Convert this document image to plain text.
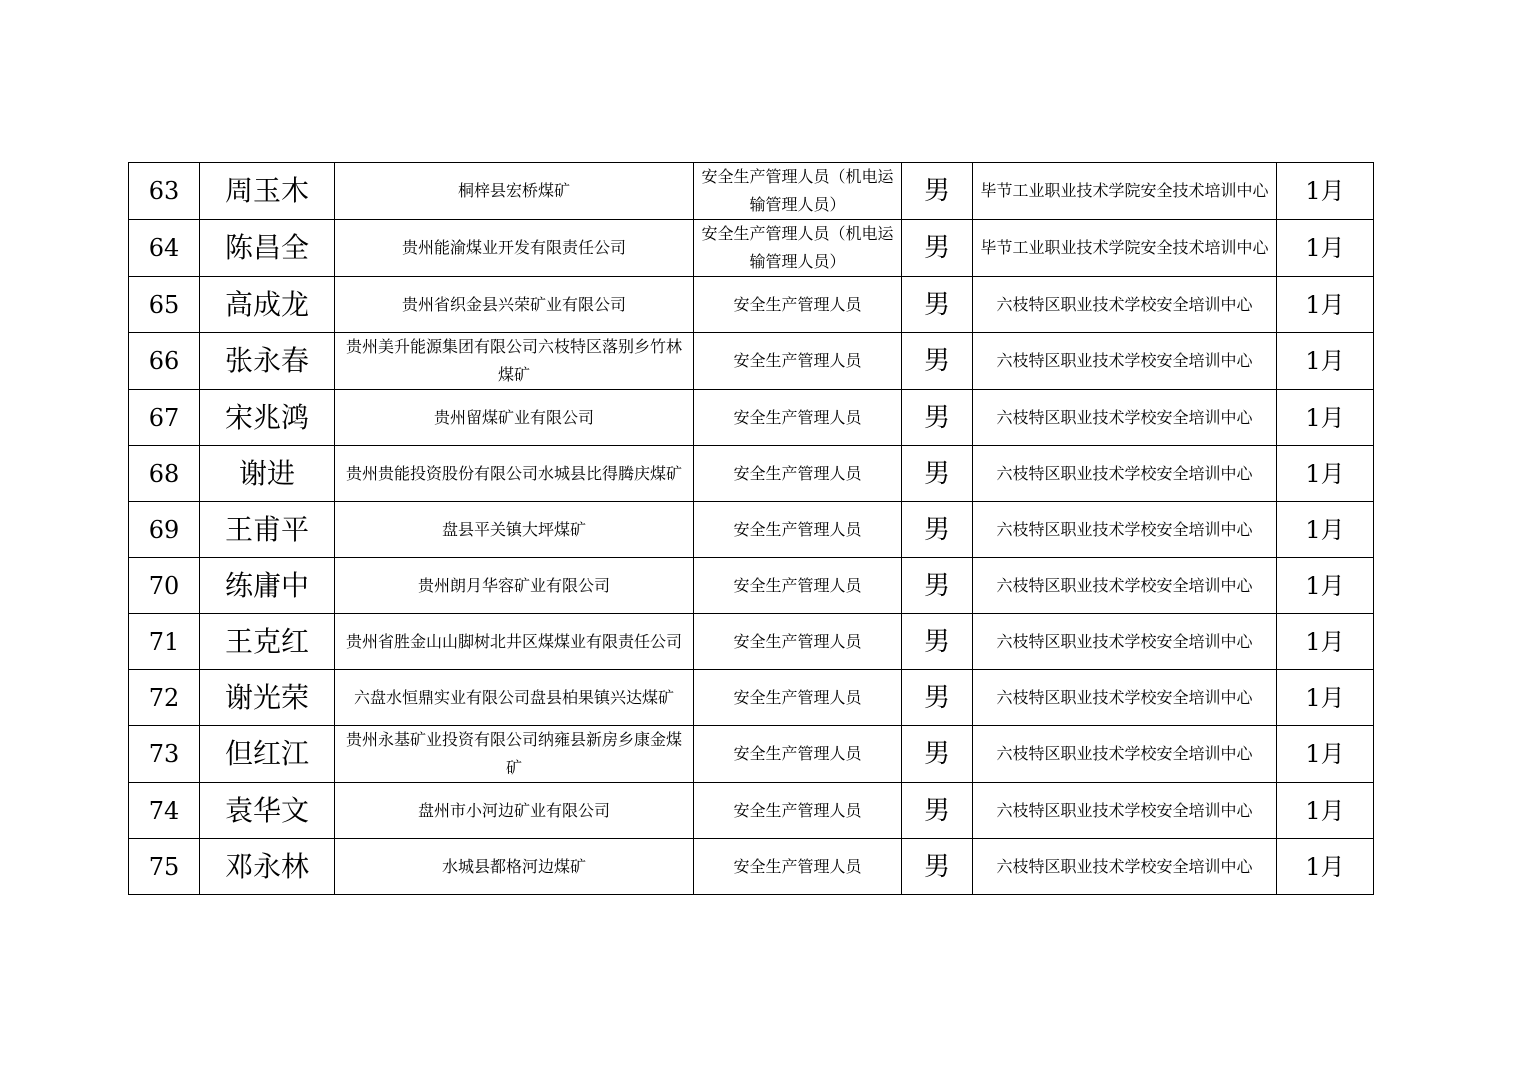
63	周玉木	桐梓县宏桥煤矿	安全生产管理人员（机电运输管理人员）	男	毕节工业职业技术学院安全技术培训中心	1月
64	陈昌全	贵州能渝煤业开发有限责任公司	安全生产管理人员（机电运输管理人员）	男	毕节工业职业技术学院安全技术培训中心	1月
65	高成龙	贵州省织金县兴荣矿业有限公司	安全生产管理人员	男	六枝特区职业技术学校安全培训中心	1月
66	张永春	贵州美升能源集团有限公司六枝特区落别乡竹林煤矿	安全生产管理人员	男	六枝特区职业技术学校安全培训中心	1月
67	宋兆鸿	贵州留煤矿业有限公司	安全生产管理人员	男	六枝特区职业技术学校安全培训中心	1月
68	谢进	贵州贵能投资股份有限公司水城县比得腾庆煤矿	安全生产管理人员	男	六枝特区职业技术学校安全培训中心	1月
69	王甫平	盘县平关镇大坪煤矿	安全生产管理人员	男	六枝特区职业技术学校安全培训中心	1月
70	练庸中	贵州朗月华容矿业有限公司	安全生产管理人员	男	六枝特区职业技术学校安全培训中心	1月
71	王克红	贵州省胜金山山脚树北井区煤煤业有限责任公司	安全生产管理人员	男	六枝特区职业技术学校安全培训中心	1月
72	谢光荣	六盘水恒鼎实业有限公司盘县柏果镇兴达煤矿	安全生产管理人员	男	六枝特区职业技术学校安全培训中心	1月
73	但红江	贵州永基矿业投资有限公司纳雍县新房乡康金煤矿	安全生产管理人员	男	六枝特区职业技术学校安全培训中心	1月
74	袁华文	盘州市小河边矿业有限公司	安全生产管理人员	男	六枝特区职业技术学校安全培训中心	1月
75	邓永林	水城县都格河边煤矿	安全生产管理人员	男	六枝特区职业技术学校安全培训中心	1月
